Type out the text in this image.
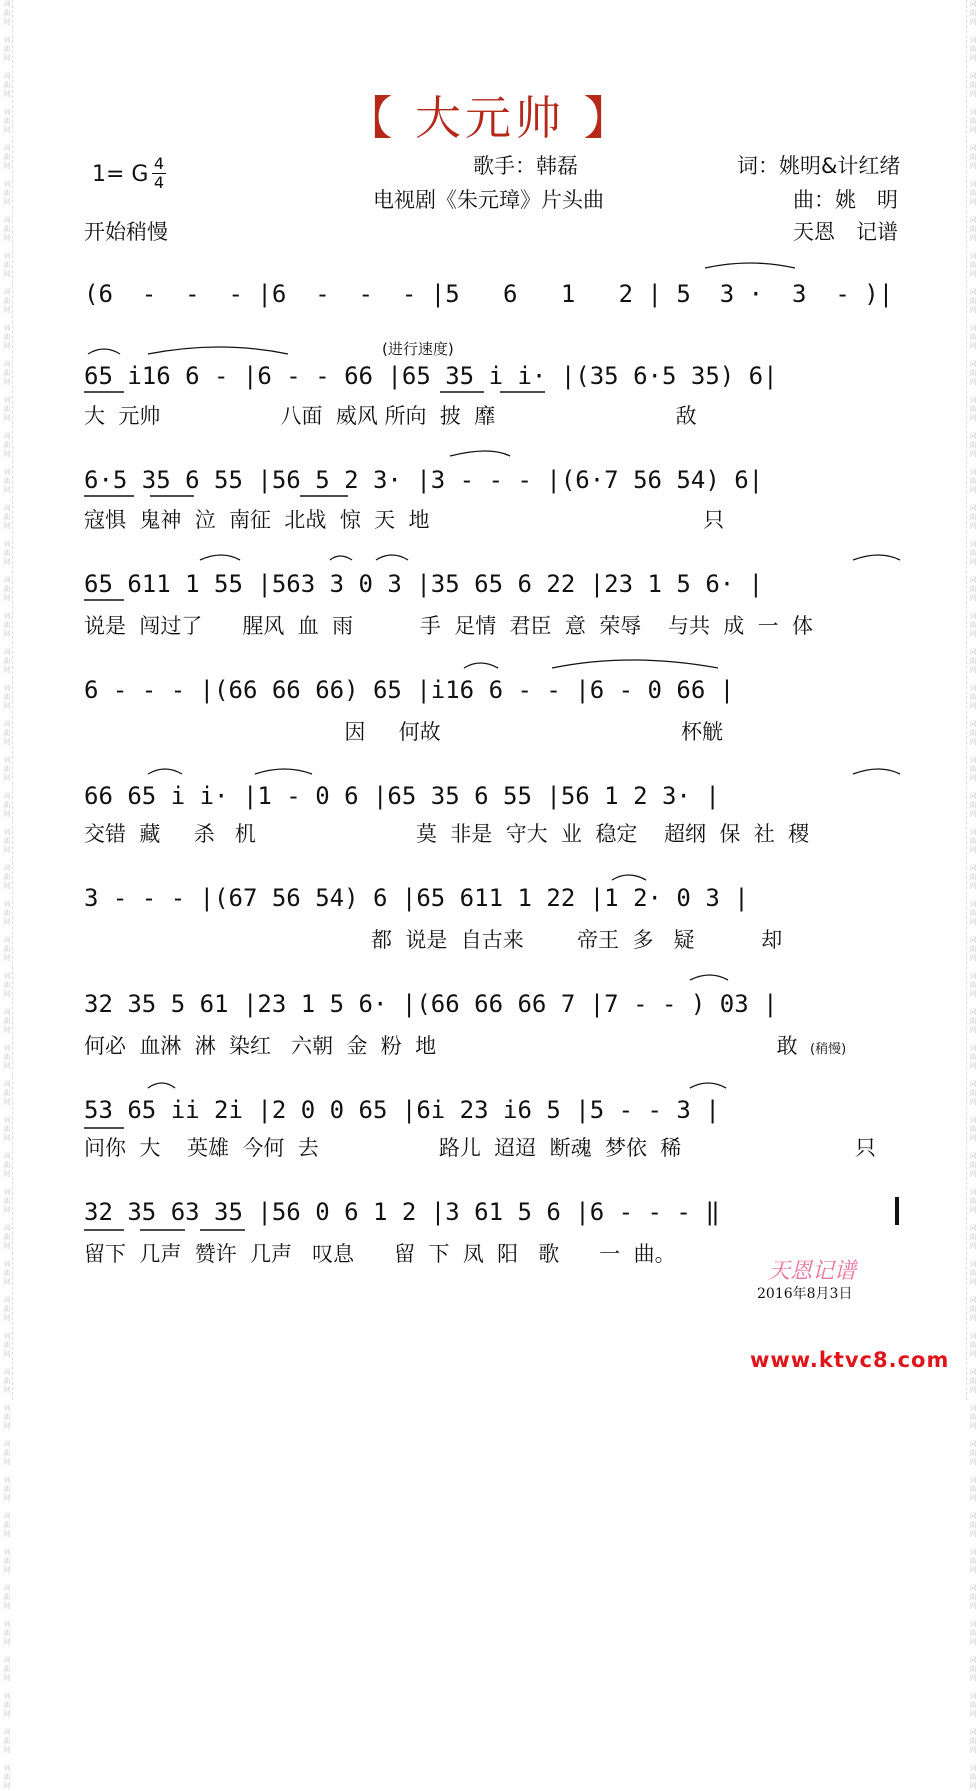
词
曲
网

词
曲
网

词
曲
网

词
曲
网

词
曲
网

词
曲
网

词
曲
网

词
曲
网

词
曲
网

词
曲
网

词
曲
网

词
曲
网

词
曲
网

词
曲
网

词
曲
网

词
曲
网

词
曲
网

词
曲
网

词
曲
网

词
曲
网

词
曲
网

词
曲
网

词
曲
网

词
曲
网

词
曲
网

词
曲
网

词
曲
网

词
曲
网

词
曲
网

词
曲
网

词
曲
网

词
曲
网

词
曲
网

词
曲
网

词
曲
网

词
曲
网

词
曲
网

词
曲
网

词
曲
网

词
曲
网

词
曲
网

词
曲
网

词
曲
网

词
曲
网

词
曲
网

词
曲
网

词
曲
网

词
曲
网

词
曲
网

词
曲
网

词
曲
网

词
曲
网

词
曲
网

词
曲
网

词
曲
网

词
曲
网

词
曲
网

词
曲
网

词
曲
网

词
曲
网

词
曲
网

词
曲
网

词
曲
网

词
曲
网

词
曲
网

词
曲
网

词
曲
网

词
曲
网

词
曲
网

词
曲
网

词
曲
网

词
曲
网

词
曲
网

词
曲
网

词
曲
网

词
曲
网

词
曲
网

词
曲
网

词
曲
网

词
曲
网

词
曲
网

词
曲
网

词
曲
网

词
曲
网

词
曲
网

词
曲
网

词
曲
网

词
曲
网

词
曲
网

词
曲
网

词
曲
网

词
曲
网

词
曲
网

词
曲
网

词
曲
网

词
曲
网

词
曲
网

词
曲
网

词
曲
网

词
曲
网

【 大元帅 】
1= G 4
4
歌手：韩磊
电视剧《朱元璋》片头曲
词：姚明&计红绪
曲：姚　明
天恩　记谱
开始稍慢
(进行速度)
(稍慢)
(6  -  -  - |6  -  -  - |5   6   1   2 | 5  3 ·  3  - )|
65 i16 6 - |6 - - 66 |65 35 i i· |(35 6·5 35) 6|
大  元帅                  八面  威风 所向  披  靡                           敌
6·5 35 6 55 |56 5 2 3· |3 - - - |(6·7 56 54) 6|
寇惧  鬼神  泣  南征  北战  惊  天  地                                         只
65 611 1 55 |563 3 0 3 |35 65 6 22 |23 1 5 6· |
说是  闯过了      腥风  血  雨          手  足情  君臣  意  荣辱    与共  成  一  体
6 - - - |(66 66 66) 65 |i16 6 - - |6 - 0 66 |
因     何故                                    杯觥
66 65 i i· |1 - 0 6 |65 35 6 55 |56 1 2 3· |
交错  藏     杀   机                        莫  非是  守大  业  稳定    超纲  保  社  稷
3 - - - |(67 56 54) 6 |65 611 1 22 |1 2· 0 3 |
都  说是  自古来        帝王  多   疑          却
32 35 5 61 |23 1 5 6· |(66 66 66 7 |7 - - ) 03 |
何必  血淋  淋  染红   六朝  金  粉  地                                                   敢
53 65 ii 2i |2 0 0 65 |6i 23 i6 5 |5 - - 3 |
问你  大    英雄  今何  去                  路儿  迢迢  断魂  梦依  稀                          只
32 35 63 35 |56 0 6 1 2 |3 61 5 6 |6 - - - ‖
留下  几声  赞许  几声   叹息      留  下  凤  阳   歌      一  曲。
天恩记谱
2016年8月3日
www.ktvc8.com
